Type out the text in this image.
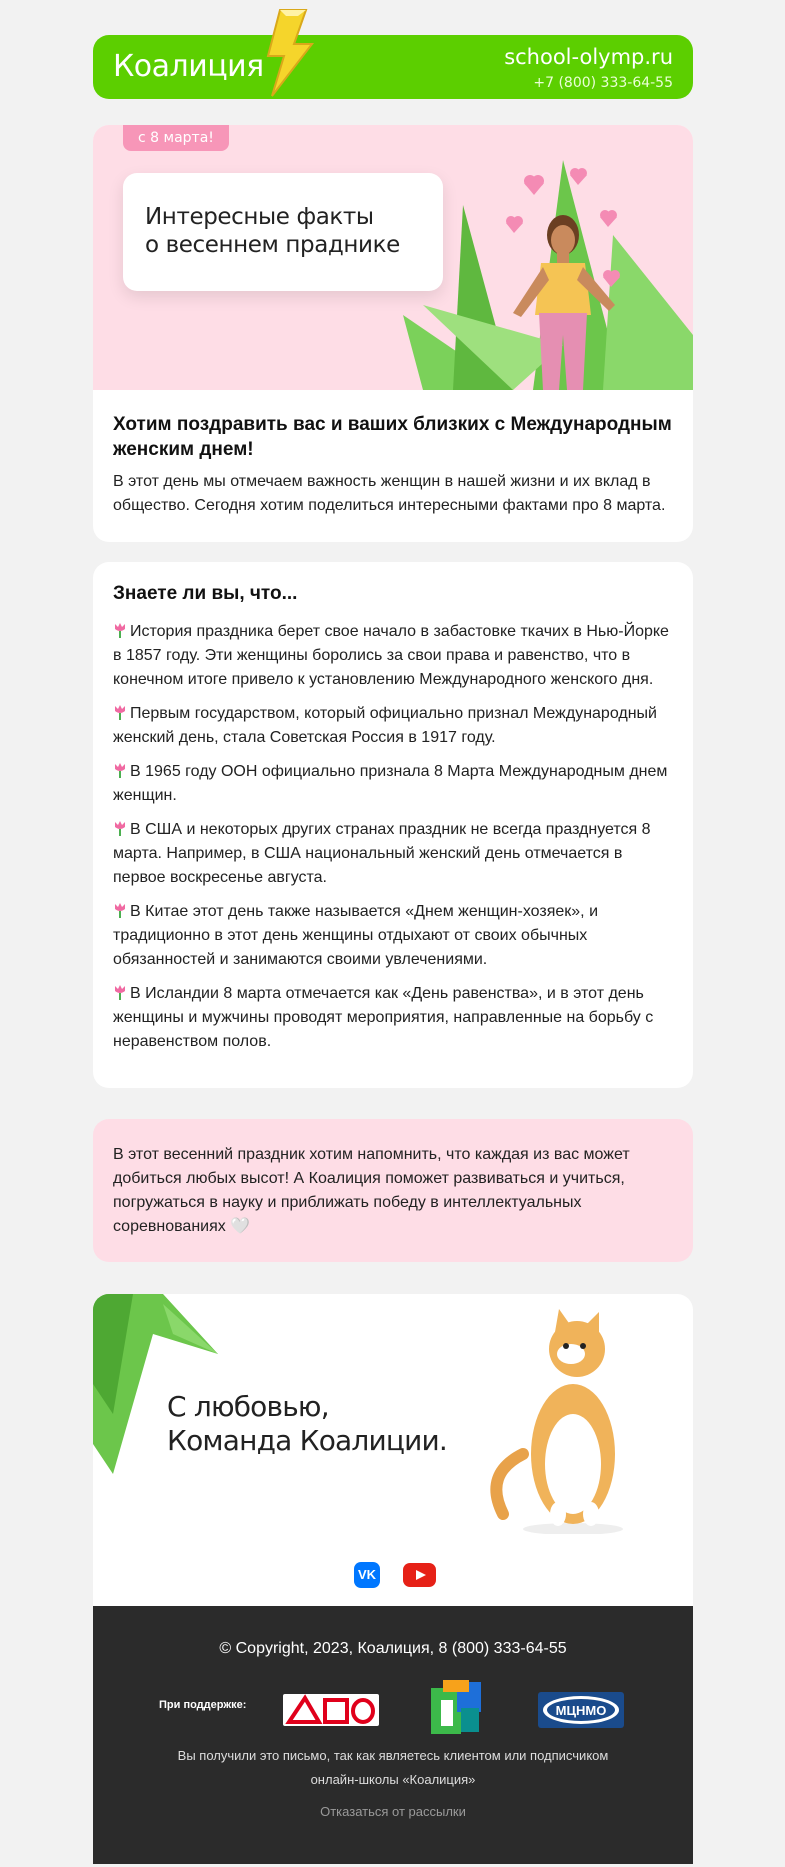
Коалиция	school-olymp.ru
+7 (800) 333-64-55
с 8 марта!
Интересные факты
о весеннем праднике
Хотим поздравить вас и ваших близких с Международным женским днем!
В этот день мы отмечаем важность женщин в нашей жизни и их вклад в общество. Сегодня хотим поделиться интересными фактами про 8 марта.
Знаете ли вы, что...
История праздника берет свое начало в забастовке ткачих в Нью-Йорке в 1857 году. Эти женщины боролись за свои права и равенство, что в конечном итоге привело к установлению Международного женского дня.
Первым государством, который официально признал Международный женский день, стала Советская Россия в 1917 году.
В 1965 году ООН официально признала 8 Марта Международным днем женщин.
В США и некоторых других странах праздник не всегда празднуется 8 марта. Например, в США национальный женский день отмечается в первое воскресенье августа.
В Китае этот день также называется «Днем женщин-хозяек», и традиционно в этот день женщины отдыхают от своих обычных обязанностей и занимаются своими увлечениями.
В Исландии 8 марта отмечается как «День равенства», и в этот день женщины и мужчины проводят мероприятия, направленные на борьбу с неравенством полов.
В этот весенний праздник хотим напомнить, что каждая из вас может добиться любых высот! А Коалиция поможет развиваться и учиться, погружаться в науку и приближать победу в интеллектуальных соревнованиях 🤍
С любовью,
Команда Коалиции.
VK
© Copyright, 2023, Коалиция, 8 (800) 333-64-55
При поддержке:	МЦНМО
Вы получили это письмо, так как являетесь клиентом или подписчиком онлайн-школы «Коалиция»
Отказаться от рассылки
